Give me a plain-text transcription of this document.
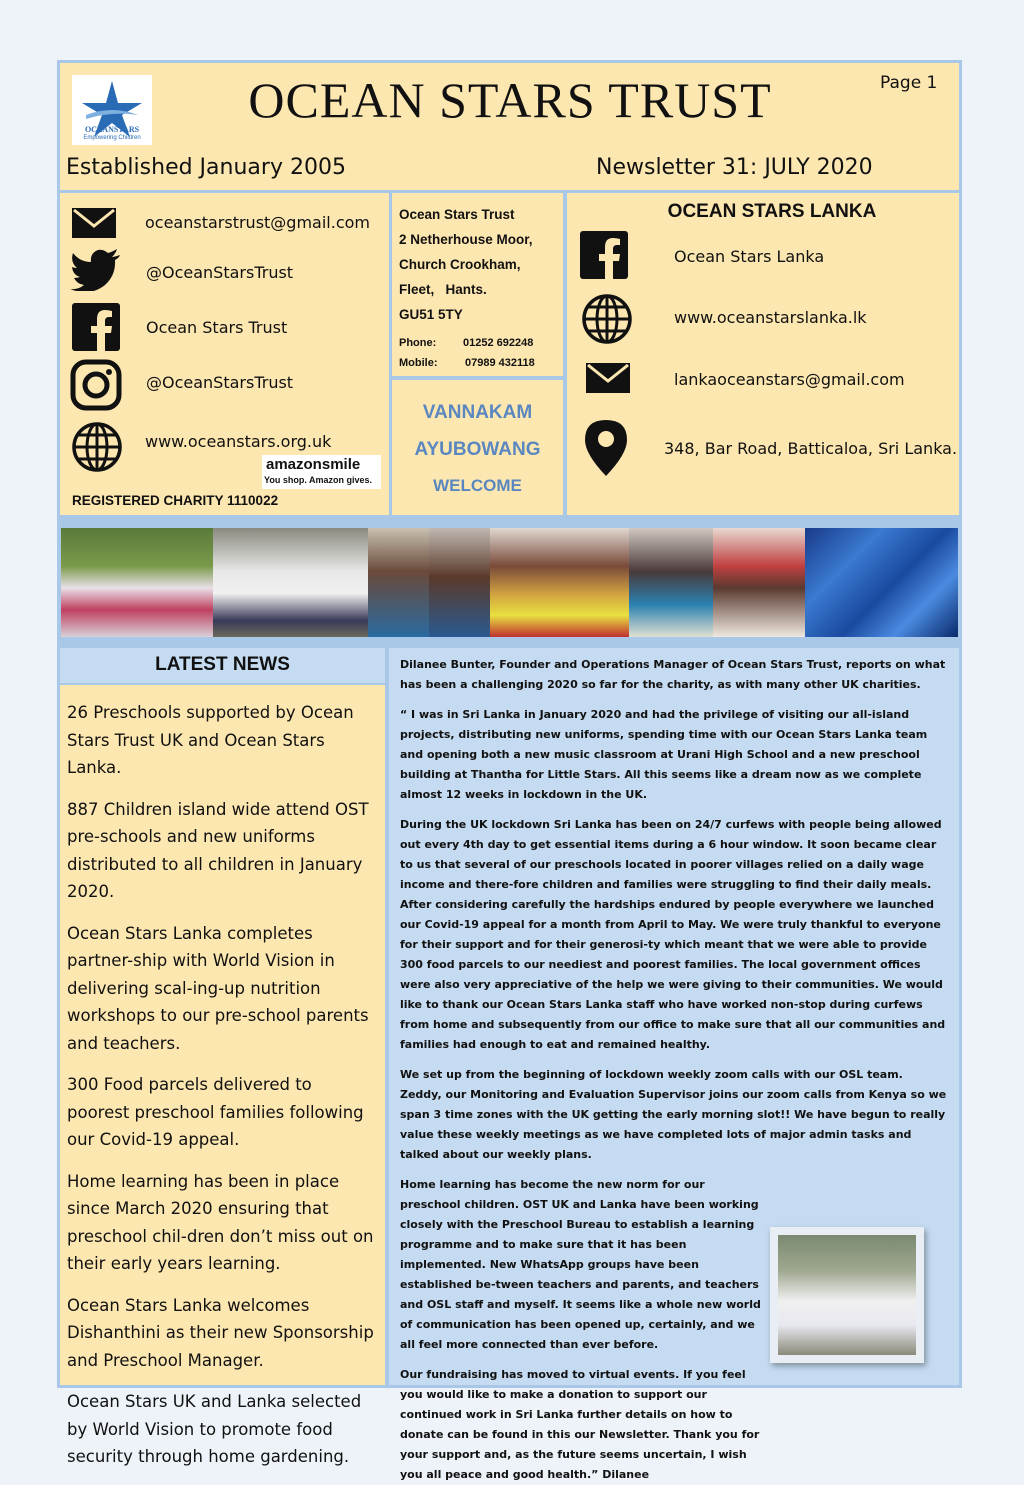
OCEANSTARS
Empowering Children
OCEAN STARS TRUST	Page 1
Established January 2005	Newsletter 31: JULY 2020
oceanstarstrust@gmail.com
@OceanStarsTrust
Ocean Stars Trust
@OceanStarsTrust
www.oceanstars.org.uk
amazonsmile
You shop. Amazon gives.
REGISTERED CHARITY 1110022
Ocean Stars Trust
2 Netherhouse Moor,
Church Crookham,
Fleet,   Hants.
GU51 5TY
Phone: 01252 692248
Mobile:	07989 432118
VANNAKAM
AYUBOWANG
WELCOME
OCEAN STARS LANKA
Ocean Stars Lanka
www.oceanstarslanka.lk
lankaoceanstars@gmail.com
348, Bar Road, Batticaloa, Sri Lanka.
LATEST NEWS

26 Preschools supported by Ocean Stars Trust UK and Ocean Stars Lanka.

887 Children island wide attend OST pre-schools and new uniforms distributed to all children in January 2020.

Ocean Stars Lanka completes partner-ship with World Vision in delivering scal-ing-up nutrition workshops to our pre-school parents and teachers.

300 Food parcels delivered to poorest preschool families following our Covid-19 appeal.

Home learning has been in place since March 2020 ensuring that preschool chil-dren don’t miss out on their early years learning.

Ocean Stars Lanka welcomes Dishanthini as their new Sponsorship and Preschool Manager.

Ocean Stars UK and Lanka selected by World Vision to promote food security through home gardening.

Dilanee Bunter, Founder and Operations Manager of Ocean Stars Trust, reports on what has been a challenging 2020 so far for the charity, as with many other UK charities.

“ I was in Sri Lanka in January 2020 and had the privilege of visiting our all-island projects, distributing new uniforms, spending time with our Ocean Stars Lanka team and opening both a new music classroom at Urani High School and a new preschool building at Thantha for Little Stars. All this seems like a dream now as we complete almost 12 weeks in lockdown in the UK.

During the UK lockdown Sri Lanka has been on 24/7 curfews with people being allowed out every 4th day to get essential items during a 6 hour window. It soon became clear to us that several of our preschools located in poorer villages relied on a daily wage income and there-fore children and families were struggling to find their daily meals. After considering carefully the hardships endured by people everywhere we launched our Covid-19 appeal for a month from April to May. We were truly thankful to everyone for their support and for their generosi-ty which meant that we were able to provide 300 food parcels to our neediest and poorest families. The local government offices were also very appreciative of the help we were giving to their communities. We would like to thank our Ocean Stars Lanka staff who have worked non-stop during curfews from home and subsequently from our office to make sure that all our communities and families had enough to eat and remained healthy.

We set up from the beginning of lockdown weekly zoom calls with our OSL team. Zeddy, our Monitoring and Evaluation Supervisor joins our zoom calls from Kenya so we span 3 time zones with the UK getting the early morning slot!! We have begun to really value these weekly meetings as we have completed lots of major admin tasks and talked about our weekly plans.

Home learning has become the new norm for our preschool children. OST UK and Lanka have been working closely with the Preschool Bureau to establish a learning programme and to make sure that it has been implemented. New WhatsApp groups have been established be-tween teachers and parents, and teachers and OSL staff and myself. It seems like a whole new world of communication has been opened up, certainly, and we all feel more connected than ever before.

Our fundraising has moved to virtual events. If you feel you would like to make a donation to support our continued work in Sri Lanka further details on how to donate can be found in this our Newsletter. Thank you for your support and, as the future seems uncertain, I wish you all peace and good health.” Dilanee
